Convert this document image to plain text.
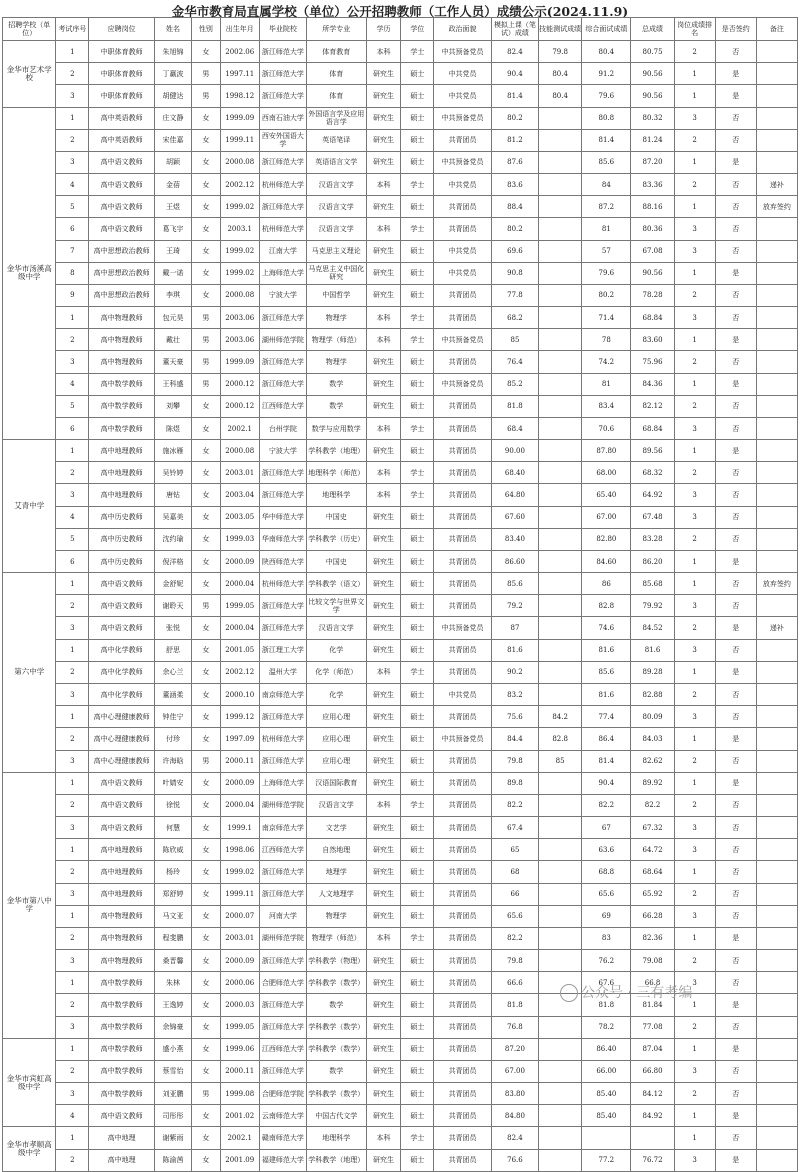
金华市教育局直属学校（单位）公开招聘教师（工作人员）成绩公示(2024.11.9)
招聘学校（单位）	考试序号	应聘岗位	姓名	性别	出生年月	毕业院校	所学专业	学历	学位	政治面貌	模拟上课（笔试）成绩	技能测试成绩	综合面试成绩	总成绩	岗位成绩排名	是否签约	备注
金华市艺术学校	1	中职体育教师	朱旭锦	女	2002.06	浙江师范大学	体育教育	本科	学士	中共预备党员	82.4	79.8	80.4	80.75	2	否	
	2	中职体育教师	丁赢波	男	1997.11	浙江师范大学	体育	研究生	硕士	中共党员	90.4	80.4	91.2	90.56	1	是	
	3	中职体育教师	胡健达	男	1998.12	浙江师范大学	体育	研究生	硕士	中共党员	81.4	80.4	79.6	90.56	1	是	
金华市汤溪高级中学	1	高中英语教师	庄文静	女	1999.09	西南石油大学	外国语言学及应用语言学	研究生	硕士	中共预备党员	80.2		80.8	80.32	3	否	
	2	高中英语教师	宋佳嘉	女	1999.11	西安外国语大学	英语笔译	研究生	硕士	共青团员	81.2		81.4	81.24	2	否	
	3	高中语文教师	胡颖	女	2000.08	浙江师范大学	英语语言文学	研究生	硕士	中共预备党员	87.6		85.6	87.20	1	是	
	4	高中语文教师	金蓓	女	2002.12	杭州师范大学	汉语言文学	本科	学士	中共党员	83.6		84	83.36	2	否	递补
	5	高中语文教师	王煜	女	1999.02	浙江师范大学	汉语言文学	研究生	硕士	共青团员	88.4		87.2	88.16	1	否	放弃签约
	6	高中语文教师	葛飞宇	女	2003.1	杭州师范大学	汉语言文学	本科	学士	共青团员	80.2		81	80.36	3	否	
	7	高中思想政治教师	王琦	女	1999.02	江南大学	马克思主义理论	研究生	硕士	中共党员	69.6		57	67.08	3	否	
	8	高中思想政治教师	戴一诺	女	1999.02	上海师范大学	马克思主义中国化研究	研究生	硕士	中共党员	90.8		79.6	90.56	1	是	
	9	高中思想政治教师	李琪	女	2000.08	宁波大学	中国哲学	研究生	硕士	共青团员	77.8		80.2	78.28	2	否	
	1	高中物理教师	包元昊	男	2003.06	浙江师范大学	物理学	本科	学士	共青团员	68.2		71.4	68.84	3	否	
	2	高中物理教师	戴壮	男	2003.06	湖州师范学院	物理学（师范）	本科	学士	中共预备党员	85		78	83.60	1	是	
	3	高中物理教师	董天豪	男	1999.09	浙江师范大学	物理学	研究生	硕士	共青团员	76.4		74.2	75.96	2	否	
	4	高中数学教师	王科盛	男	2000.12	浙江师范大学	数学	研究生	硕士	中共预备党员	85.2		81	84.36	1	是	
	5	高中数学教师	刘攀	女	2000.12	江西师范大学	数学	研究生	硕士	共青团员	81.8		83.4	82.12	2	否	
	6	高中数学教师	陈煜	女	2002.1	台州学院	数学与应用数学	本科	学士	共青团员	68.4		70.6	68.84	3	否	
艾青中学	1	高中地理教师	施冰雁	女	2000.08	宁波大学	学科教学（地理）	研究生	硕士	共青团员	90.00		87.80	89.56	1	是	
	2	高中地理教师	吴铃婷	女	2003.01	浙江师范大学	地理科学（师范）	本科	学士	共青团员	68.40		68.00	68.32	2	否	
	3	高中地理教师	唐钻	女	2003.04	浙江师范大学	地理科学	本科	学士	共青团员	64.80		65.40	64.92	3	否	
	4	高中历史教师	吴嘉美	女	2003.05	华中师范大学	中国史	研究生	硕士	共青团员	67.60		67.00	67.48	3	否	
	5	高中历史教师	沈约瑜	女	1999.03	华南师范大学	学科教学（历史）	研究生	硕士	共青团员	83.40		82.80	83.28	2	否	
	6	高中历史教师	倪洋格	女	2000.09	陕西师范大学	中国史	研究生	硕士	共青团员	86.60		84.60	86.20	1	是	
第六中学	1	高中语文教师	金舒妮	女	2000.04	杭州师范大学	学科教学（语文）	研究生	硕士	共青团员	85.6		86	85.68	1	否	放弃签约
	2	高中语文教师	谢聆天	男	1999.05	浙江师范大学	比较文学与世界文学	研究生	硕士	共青团员	79.2		82.8	79.92	3	否	
	3	高中语文教师	张悦	女	2000.04	浙江师范大学	汉语言文学	研究生	硕士	中共预备党员	87		74.6	84.52	2	是	递补
	1	高中化学教师	舒思	女	2001.05	浙江理工大学	化学	研究生	硕士	共青团员	81.6		81.6	81.6	3	否	
	2	高中化学教师	余心兰	女	2002.12	温州大学	化学（师范）	本科	学士	共青团员	90.2		85.6	89.28	1	是	
	3	高中化学教师	董涵柔	女	2000.10	南京师范大学	化学	研究生	硕士	中共党员	83.2		81.6	82.88	2	否	
	1	高中心理健康教师	钟佳宁	女	1999.12	浙江师范大学	应用心理	研究生	硕士	共青团员	75.6	84.2	77.4	80.09	3	否	
	2	高中心理健康教师	付珍	女	1997.09	杭州师范大学	应用心理	研究生	硕士	中共预备党员	84.4	82.8	86.4	84.03	1	是	
	3	高中心理健康教师	许海晗	男	2000.11	浙江师范大学	应用心理	研究生	硕士	共青团员	79.8	85	81.4	82.62	2	否	
金华市第八中学	1	高中语文教师	叶婧安	女	2000.09	上海师范大学	汉语国际教育	研究生	硕士	共青团员	89.8		90.4	89.92	1	是	
	2	高中语文教师	徐悦	女	2000.04	湖州师范学院	汉语言文学	本科	学士	共青团员	82.2		82.2	82.2	2	否	
	3	高中语文教师	何慧	女	1999.1	南京师范大学	文艺学	研究生	硕士	共青团员	67.4		67	67.32	3	否	
	1	高中地理教师	陈欣威	女	1998.06	江西师范大学	自然地理	研究生	硕士	共青团员	65		63.6	64.72	3	否	
	2	高中地理教师	杨玲	女	1999.02	浙江师范大学	地理学	研究生	硕士	共青团员	68		68.8	68.64	1	否	
	3	高中地理教师	郑舒婷	女	1999.11	浙江师范大学	人文地理学	研究生	硕士	共青团员	66		65.6	65.92	2	否	
	1	高中物理教师	马文亚	女	2000.07	河南大学	物理学	研究生	硕士	共青团员	65.6		69	66.28	3	否	
	2	高中物理教师	程斐鹏	女	2003.01	湖州师范学院	物理学（师范）	本科	学士	共青团员	82.2		83	82.36	1	是	
	3	高中物理教师	桑晋馨	女	2000.09	浙江师范大学	学科教学（物理）	研究生	硕士	共青团员	79.8		76.2	79.08	2	否	
	1	高中数学教师	朱林	女	2000.06	合肥师范大学	学科教学（数学）	研究生	硕士	共青团员	66.6		67.6	66.8	3	否	
	2	高中数学教师	王逸婷	女	2000.03	浙江师范大学	数学	研究生	硕士	共青团员	81.8		81.8	81.84	1	是	
	3	高中数学教师	余锦豪	女	1999.05	浙江师范大学	学科教学（数学）	研究生	硕士	共青团员	76.8		78.2	77.08	2	否	
金华市宾虹高级中学	1	高中数学教师	盛小燕	女	1999.06	江西师范大学	学科教学（数学）	研究生	硕士	共青团员	87.20		86.40	87.04	1	是	
	2	高中数学教师	蔡雪怡	女	2000.11	浙江师范大学	数学	研究生	硕士	共青团员	67.00		66.00	66.80	3	否	
	3	高中数学教师	刘亚鹏	男	1999.08	合肥师范学院	学科教学（数学）	研究生	硕士	共青团员	83.80		85.40	84.12	2	否	
	4	高中语文教师	司彤彤	女	2001.02	云南师范大学	中国古代文学	研究生	硕士	共青团员	84.80		85.40	84.92	1	是	
金华市孝顺高级中学	1	高中地理	谢紫雨	女	2002.1	赣南师范大学	地理科学	本科	学士	共青团员	82.4				1	否	
	2	高中地理	陈渝茜	女	2001.09	福建师范大学	学科教学（地理）	研究生	硕士	共青团员	76.6		77.2	76.72	3	是	
公众号 · 三有考编
